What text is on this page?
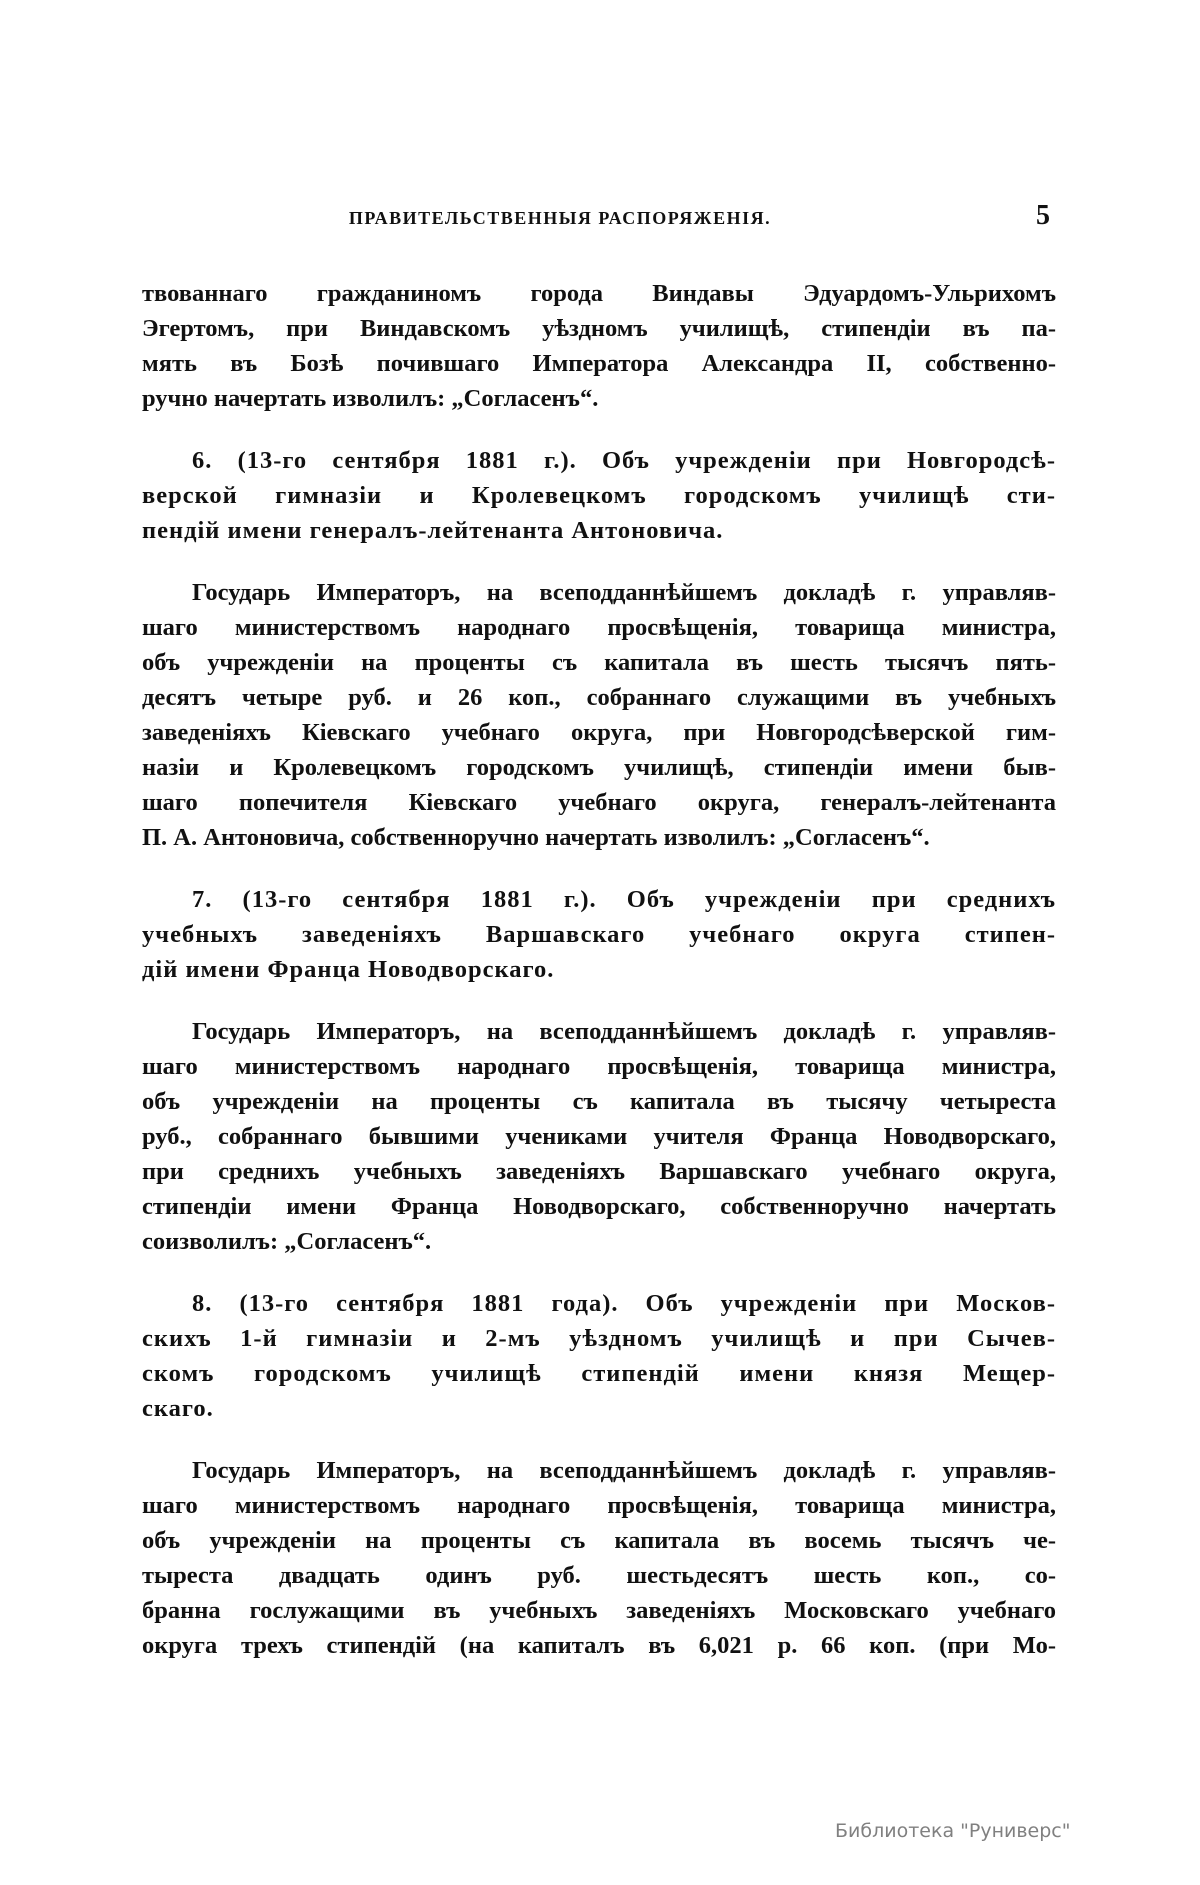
ПРАВИТЕЛЬСТВЕННЫЯ РАСПОРЯЖЕНІЯ.	5
твованнаго гражданиномъ города Виндавы Эдуардомъ-Ульрихомъ
Эгертомъ, при Виндавскомъ уѣздномъ училищѣ, стипендіи въ па-
мять въ Бозѣ почившаго Императора Александра II, собственно-
ручно начертать изволилъ: „Согласенъ“.
6. (13-го сентября 1881 г.). Объ учрежденіи при Новгородсѣ-
верской гимназіи и Кролевецкомъ городскомъ училищѣ сти-
пендій имени генералъ-лейтенанта Антоновича.
Государь Императоръ, на всеподданнѣйшемъ докладѣ г. управляв-
шаго министерствомъ народнаго просвѣщенія, товарища министра,
объ учрежденіи на проценты съ капитала въ шесть тысячъ пять-
десятъ четыре руб. и 26 коп., собраннаго служащими въ учебныхъ
заведеніяхъ Кіевскаго учебнаго округа, при Новгородсѣверской гим-
назіи и Кролевецкомъ городскомъ училищѣ, стипендіи имени быв-
шаго попечителя Кіевскаго учебнаго округа, генералъ-лейтенанта
П. А. Антоновича, собственноручно начертать изволилъ: „Согласенъ“.
7. (13-го сентября 1881 г.). Объ учрежденіи при среднихъ
учебныхъ заведеніяхъ Варшавскаго учебнаго округа стипен-
дій имени Франца Новодворскаго.
Государь Императоръ, на всеподданнѣйшемъ докладѣ г. управляв-
шаго министерствомъ народнаго просвѣщенія, товарища министра,
объ учрежденіи на проценты съ капитала въ тысячу четыреста
руб., собраннаго бывшими учениками учителя Франца Новодворскаго,
при среднихъ учебныхъ заведеніяхъ Варшавскаго учебнаго округа,
стипендіи имени Франца Новодворскаго, собственноручно начертать
соизволилъ: „Согласенъ“.
8. (13-го сентября 1881 года). Объ учрежденіи при Москов-
скихъ 1-й гимназіи и 2-мъ уѣздномъ училищѣ и при Сычев-
скомъ городскомъ училищѣ стипендій имени князя Мещер-
скаго.
Государь Императоръ, на всеподданнѣйшемъ докладѣ г. управляв-
шаго министерствомъ народнаго просвѣщенія, товарища министра,
объ учрежденіи на проценты съ капитала въ восемь тысячъ че-
тыреста двадцать одинъ руб. шестьдесятъ шесть коп., со-
бранна гослужащими въ учебныхъ заведеніяхъ Московскаго учебнаго
округа трехъ стипендій (на капиталъ въ 6,021 р. 66 коп. (при Мо-
Библиотека "Руниверс"
